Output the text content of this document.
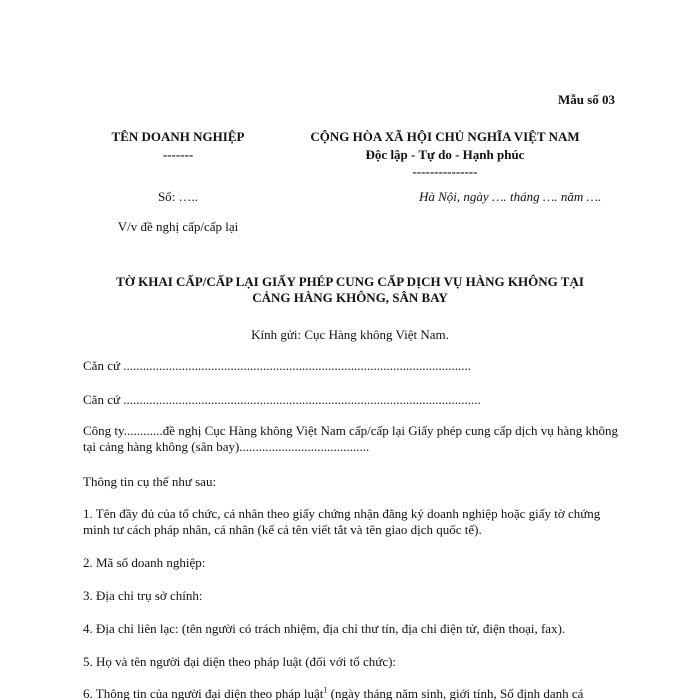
Mẫu số 03
TÊN DOANH NGHIỆP
-------
CỘNG HÒA XÃ HỘI CHỦ NGHĨA VIỆT NAM
Độc lập - Tự do - Hạnh phúc
---------------
Số: …..	Hà Nội, ngày …. tháng …. năm ….
V/v đề nghị cấp/cấp lại
TỜ KHAI CẤP/CẤP LẠI GIẤY PHÉP CUNG CẤP DỊCH VỤ HÀNG KHÔNG TẠI
CẢNG HÀNG KHÔNG, SÂN BAY
Kính gửi: Cục Hàng không Việt Nam.
Căn cứ ...........................................................................................................
Căn cứ ..............................................................................................................
Công ty............đề nghị Cục Hàng không Việt Nam cấp/cấp lại Giấy phép cung cấp dịch vụ hàng không tại cảng hàng không (sân bay)........................................
Thông tin cụ thể như sau:
1. Tên đầy đủ của tổ chức, cá nhân theo giấy chứng nhận đăng ký doanh nghiệp hoặc giấy tờ chứng minh tư cách pháp nhân, cá nhân (kể cả tên viết tắt và tên giao dịch quốc tế).
2. Mã số doanh nghiệp:
3. Địa chỉ trụ sở chính:
4. Địa chỉ liên lạc: (tên người có trách nhiệm, địa chỉ thư tín, địa chỉ điện tử, điện thoại, fax).
5. Họ và tên người đại diện theo pháp luật (đối với tổ chức):
6. Thông tin của người đại diện theo pháp luật$^1$ (ngày tháng năm sinh, giới tính, Số định danh cá
